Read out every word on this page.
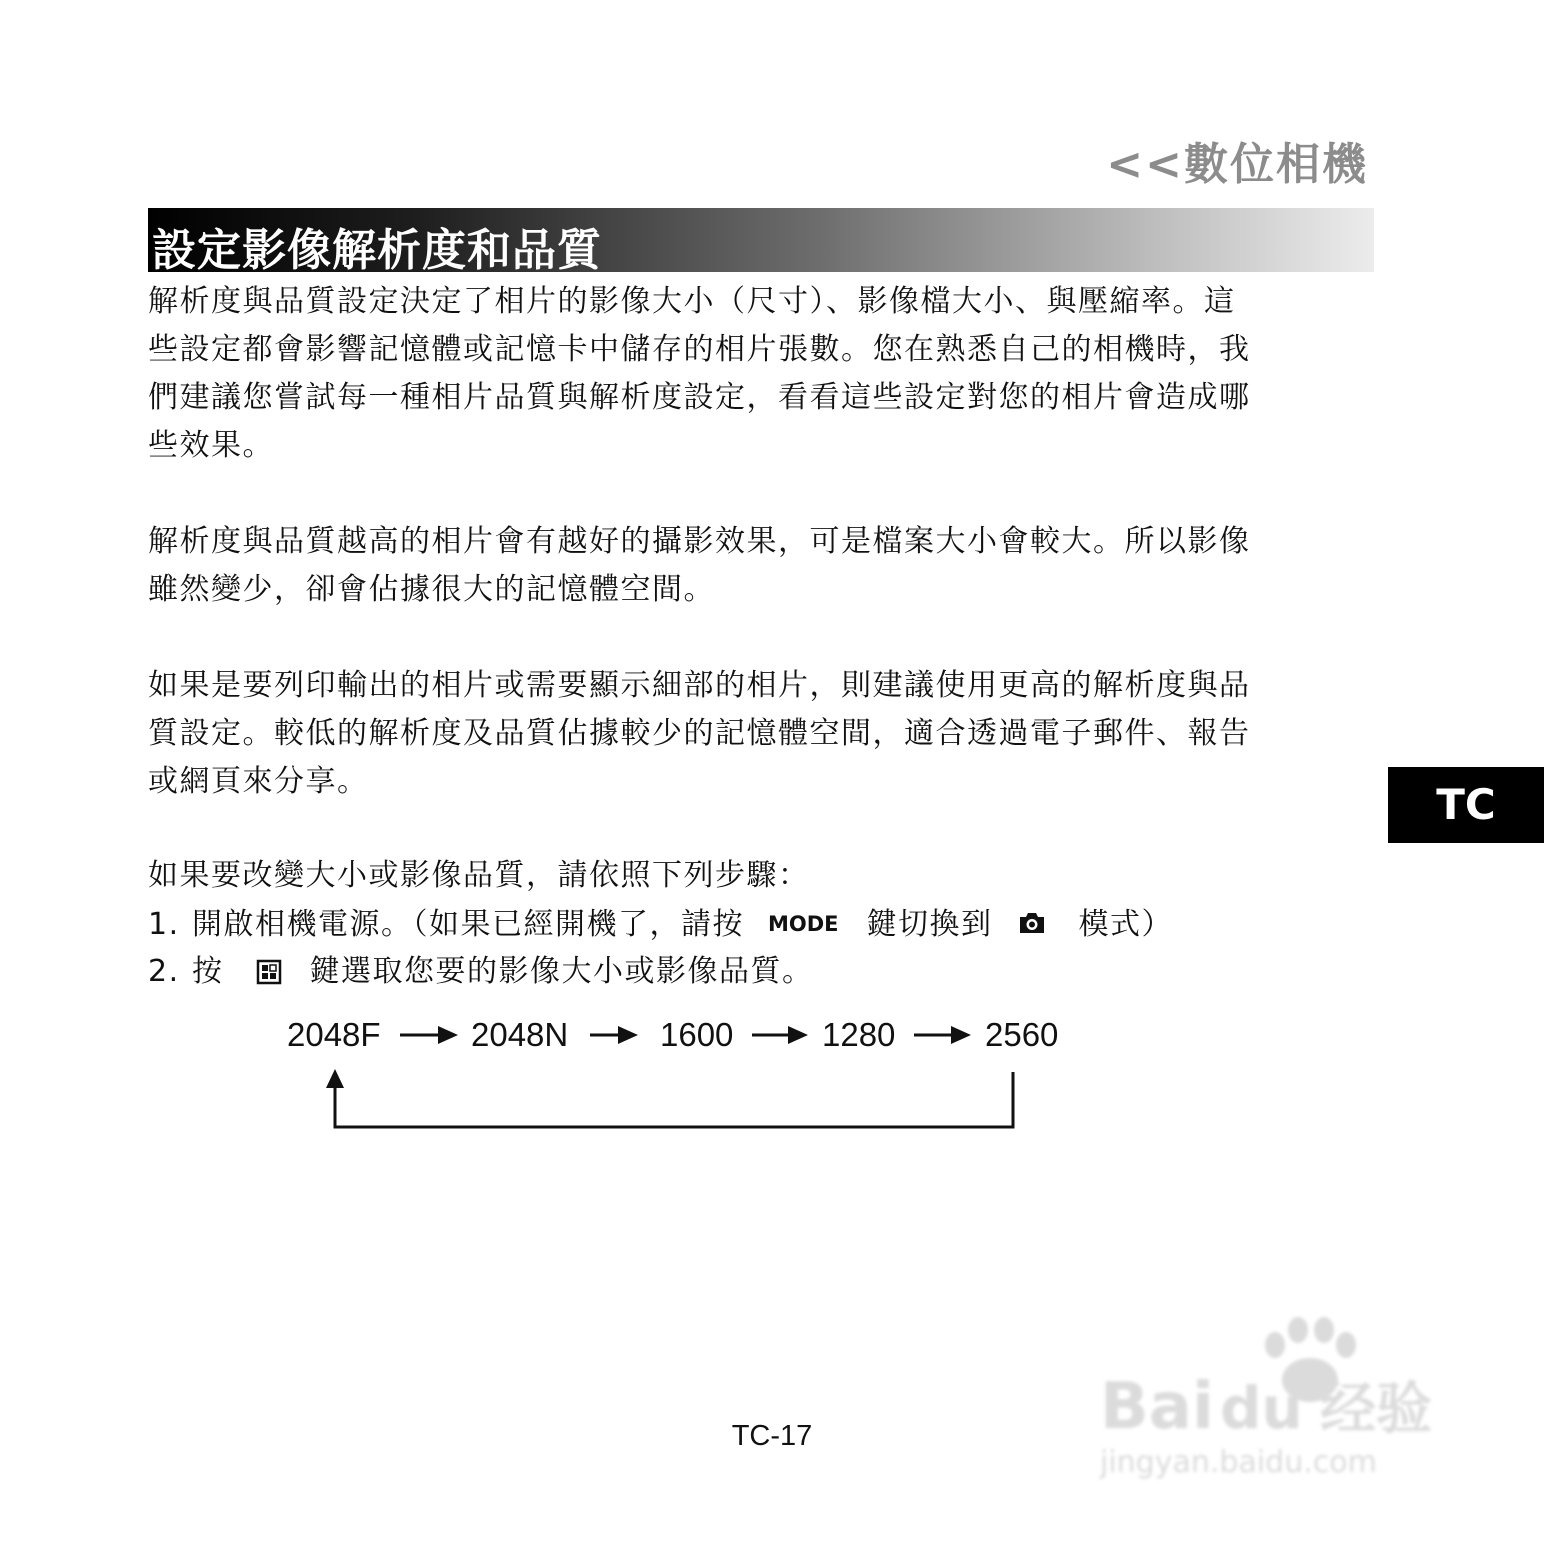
<<數位相機
設定影像解析度和品質
解析度與品質設定決定了相片的影像大小（尺寸）、影像檔大小、與壓縮率。這
些設定都會影響記憶體或記憶卡中儲存的相片張數。您在熟悉自己的相機時，我
們建議您嘗試每一種相片品質與解析度設定，看看這些設定對您的相片會造成哪
些效果。
解析度與品質越高的相片會有越好的攝影效果，可是檔案大小會較大。所以影像
雖然變少，卻會佔據很大的記憶體空間。
如果是要列印輸出的相片或需要顯示細部的相片，則建議使用更高的解析度與品
質設定。較低的解析度及品質佔據較少的記憶體空間，適合透過電子郵件、報告
或網頁來分享。
如果要改變大小或影像品質，請依照下列步驟：
1. 開啟相機電源。（如果已經開機了，請按 MODE 鍵切換到	模式）
2. 按	鍵選取您要的影像大小或影像品質。
2048F	2048N	1600	1280	2560
TC
TC-17	Bai du 经验
jingyan.baidu.com
